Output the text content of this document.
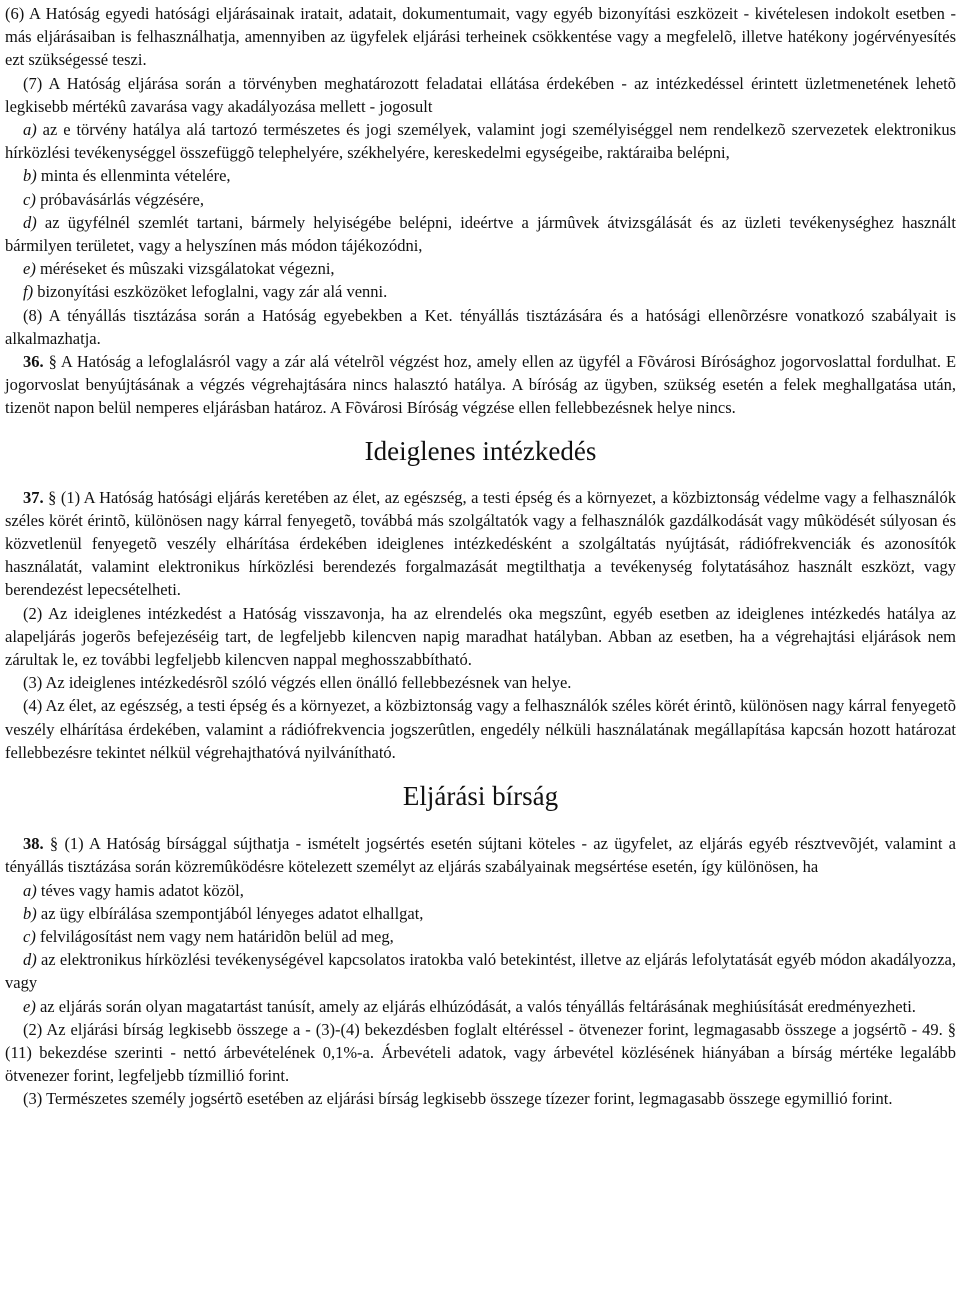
(6) A Hatóság egyedi hatósági eljárásainak iratait, adatait, dokumentumait, vagy egyéb bizonyítási eszközeit - kivételesen indokolt esetben - más eljárásaiban is felhasználhatja, amennyiben az ügyfelek eljárási terheinek csökkentése vagy a megfelelõ, illetve hatékony jogérvényesítés ezt szükségessé teszi.

(7) A Hatóság eljárása során a törvényben meghatározott feladatai ellátása érdekében - az intézkedéssel érintett üzletmenetének lehetõ legkisebb mértékû zavarása vagy akadályozása mellett - jogosult

a) az e törvény hatálya alá tartozó természetes és jogi személyek, valamint jogi személyiséggel nem rendelkezõ szervezetek elektronikus hírközlési tevékenységgel összefüggõ telephelyére, székhelyére, kereskedelmi egységeibe, raktáraiba belépni,

b) minta és ellenminta vételére,

c) próbavásárlás végzésére,

d) az ügyfélnél szemlét tartani, bármely helyiségébe belépni, ideértve a jármûvek átvizsgálását és az üzleti tevékenységhez használt bármilyen területet, vagy a helyszínen más módon tájékozódni,

e) méréseket és mûszaki vizsgálatokat végezni,

f) bizonyítási eszközöket lefoglalni, vagy zár alá venni.

(8) A tényállás tisztázása során a Hatóság egyebekben a Ket. tényállás tisztázására és a hatósági ellenõrzésre vonatkozó szabályait is alkalmazhatja.

36. § A Hatóság a lefoglalásról vagy a zár alá vételrõl végzést hoz, amely ellen az ügyfél a Fõvárosi Bíróságho​z jogorvoslattal fordulhat. E jogorvoslat benyújtásának a végzés végrehajtására nincs halasztó hatálya. A bíróság az ügyben, szükség esetén a felek meghallgatása után, tizenöt napon belül nemperes eljárásban határoz. A Fõvárosi Bíróság végzése ellen fellebbezésnek helye nincs.

Ideiglenes intézkedés

37. § (1) A Hatóság hatósági eljárás keretében az élet, az egészség, a testi épség és a környezet, a közbiztonság védelme vagy a felhasználók széles körét érintõ, különösen nagy kárral fenyegetõ, továbbá más szolgáltatók vagy a felhasználók gazdálkodását vagy mûködését súlyosan és közvetlenül fenyegetõ veszély elhárítása érdekében ideiglenes intézkedésként a szolgáltatás nyújtását, rádiófrekvenciák és azonosítók használatát, valamint elektronikus hírközlési berendezés forgalmazását megtilthatja a tevékenység folytatásához használt eszközt, vagy berendezést lepecsételheti.

(2) Az ideiglenes intézkedést a Hatóság visszavonja, ha az elrendelés oka megszûnt, egyéb esetben az ideiglenes intézkedés hatálya az alapeljárás jogerõs befejezéséig tart, de legfeljebb kilencven napig maradhat hatályban. Abban az esetben, ha a végrehajtási eljárások nem zárultak le, ez további legfeljebb kilencven nappal meghosszabbítható.

(3) Az ideiglenes intézkedésrõl szóló végzés ellen önálló fellebbezésnek van helye.

(4) Az élet, az egészség, a testi épség és a környezet, a közbiztonság vagy a felhasználók széles körét érintõ, különösen nagy kárral fenyegetõ veszély elhárítása érdekében, valamint a rádiófrekvencia jogszerûtlen, engedély nélküli használatának megállapítása kapcsán hozott határozat fellebbezésre tekintet nélkül végrehajthatóvá nyilvánítható.

Eljárási bírság

38. § (1) A Hatóság bírsággal sújthatja - ismételt jogsértés esetén sújtani köteles - az ügyfelet, az eljárás egyéb résztvevõjét, valamint a tényállás tisztázása során közremûködésre kötelezett személyt az eljárás szabályainak megsértése esetén, így különösen, ha

a) téves vagy hamis adatot közöl,

b) az ügy elbírálása szempontjából lényeges adatot elhallgat,

c) felvilágosítást nem vagy nem határidõn belül ad meg,

d) az elektronikus hírközlési tevékenységével kapcsolatos iratokba való betekintést, illetve az eljárás lefolytatását egyéb módon akadályozza, vagy

e) az eljárás során olyan magatartást tanúsít, amely az eljárás elhúzódását, a valós tényállás feltárásának meghiúsítását eredményezheti.

(2) Az eljárási bírság legkisebb összege a - (3)-(4) bekezdésben foglalt eltéréssel - ötvenezer forint, legmagasabb összege a jogsértõ - 49. § (11) bekezdése szerinti - nettó árbevételének 0,1%-a. Árbevételi adatok, vagy árbevétel közlésének hiányában a bírság mértéke legalább ötvenezer forint, legfeljebb tízmillió forint.

(3) Természetes személy jogsértõ esetében az eljárási bírság legkisebb összege tízezer forint, legmagasabb összege egymillió forint.
